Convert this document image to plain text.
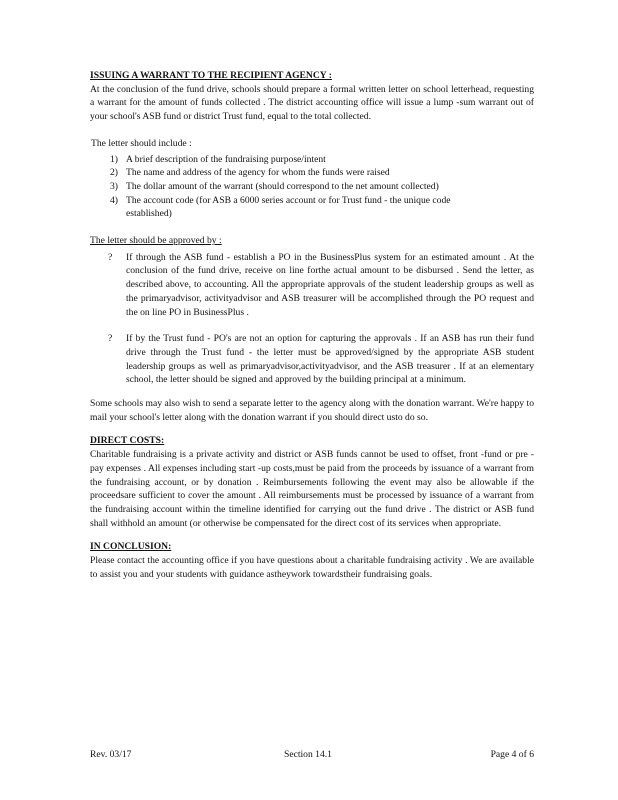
ISSUING A WARRANT TO THE RECIPIENT AGENCY :

At the conclusion of the fund drive, schools should prepare a formal written letter on school letterhead, requesting a warrant for the amount of funds collected . The district accounting office will issue a lump -sum warrant out of your school's ASB fund or district Trust fund, equal to the total collected.

The letter should include :
1) A brief description of the fundraising purpose/intent
2) The name and address of the agency for whom the funds were raised
3) The dollar amount of the warrant (should correspond to the net amount collected)
4) The account code (for ASB a 6000 series account or for Trust fund - the unique code established)
The letter should be approved by :
? If through the ASB fund - establish a PO in the BusinessPlus system for an estimated amount . At the conclusion of the fund drive, receive on line forthe actual amount to be disbursed . Send the letter, as described above, to accounting. All the appropriate approvals of the student leadership groups as well as the primaryadvisor, activityadvisor and ASB treasurer will be accomplished through the PO request and the on line PO in BusinessPlus .
? If by the Trust fund - PO's are not an option for capturing the approvals . If an ASB has run their fund drive through the Trust fund - the letter must be approved/signed by the appropriate ASB student leadership groups as well as primaryadvisor,activityadvisor, and the ASB treasurer . If at an elementary school, the letter should be signed and approved by the building principal at a minimum.

Some schools may also wish to send a separate letter to the agency along with the donation warrant. We're happy to mail your school's letter along with the donation warrant if you should direct usto do so.

DIRECT COSTS:

Charitable fundraising is a private activity and district or ASB funds cannot be used to offset, front -fund or pre -pay expenses . All expenses including start -up costs,must be paid from the proceeds by issuance of a warrant from the fundraising account, or by donation . Reimbursements following the event may also be allowable if the proceedsare sufficient to cover the amount . All reimbursements must be processed by issuance of a warrant from the fundraising account within the timeline identified for carrying out the fund drive . The district or ASB fund shall withhold an amount (or otherwise be compensated for the direct cost of its services when appropriate.

IN CONCLUSION:

Please contact the accounting office if you have questions about a charitable fundraising activity . We are available to assist you and your students with guidance astheywork towardstheir fundraising goals.

Rev. 03/17	Section 14.1	Page 4 of 6
